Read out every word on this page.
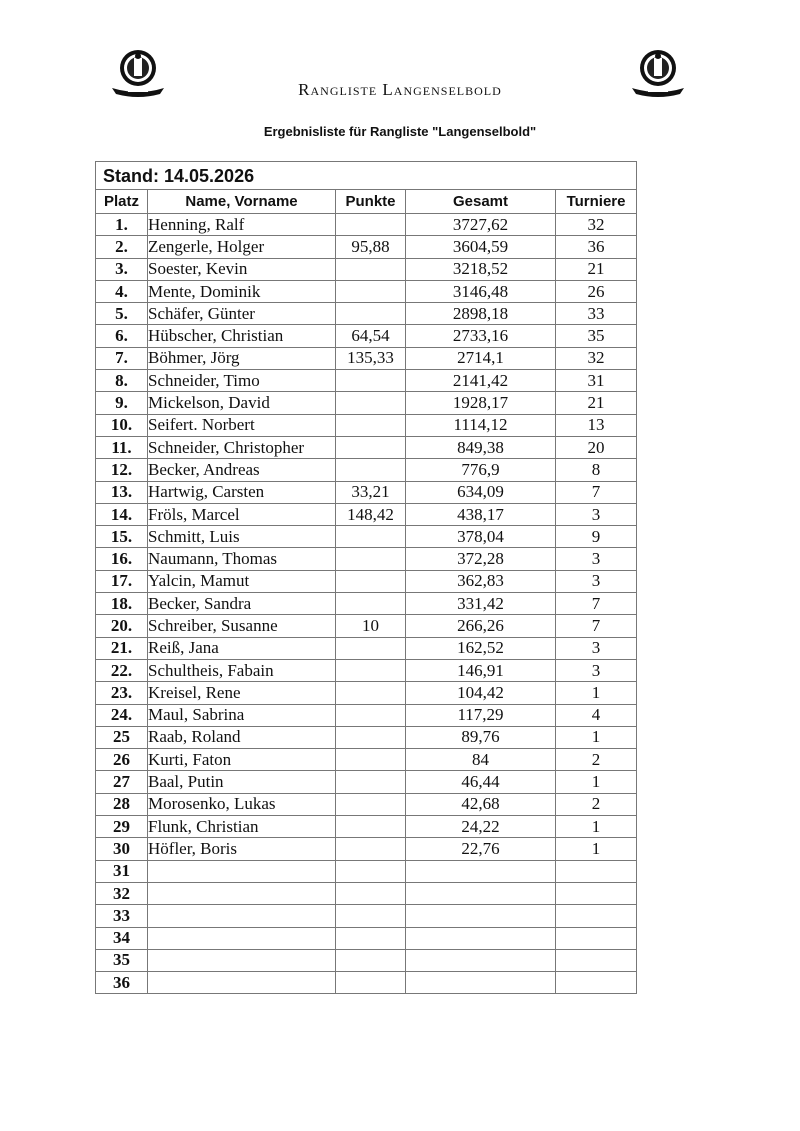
Rangliste Langenselbold
Ergebnisliste für Rangliste "Langenselbold"
Stand: 14.05.2026				
Platz	Name, Vorname	Punkte	Gesamt	Turniere
1.	Henning, Ralf		3727,62	32
2.	Zengerle, Holger	95,88	3604,59	36
3.	Soester, Kevin		3218,52	21
4.	Mente, Dominik		3146,48	26
5.	Schäfer, Günter		2898,18	33
6.	Hübscher, Christian	64,54	2733,16	35
7.	Böhmer, Jörg	135,33	2714,1	32
8.	Schneider, Timo		2141,42	31
9.	Mickelson, David		1928,17	21
10.	Seifert. Norbert		1114,12	13
11.	Schneider, Christopher		849,38	20
12.	Becker, Andreas		776,9	8
13.	Hartwig, Carsten	33,21	634,09	7
14.	Fröls, Marcel	148,42	438,17	3
15.	Schmitt, Luis		378,04	9
16.	Naumann, Thomas		372,28	3
17.	Yalcin, Mamut		362,83	3
18.	Becker, Sandra		331,42	7
20.	Schreiber, Susanne	10	266,26	7
21.	Reiß, Jana		162,52	3
22.	Schultheis, Fabain		146,91	3
23.	Kreisel, Rene		104,42	1
24.	Maul, Sabrina		117,29	4
25	Raab, Roland		89,76	1
26	Kurti, Faton		84	2
27	Baal, Putin		46,44	1
28	Morosenko, Lukas		42,68	2
29	Flunk, Christian		24,22	1
30	Höfler, Boris		22,76	1
31				
32				
33				
34				
35				
36				
